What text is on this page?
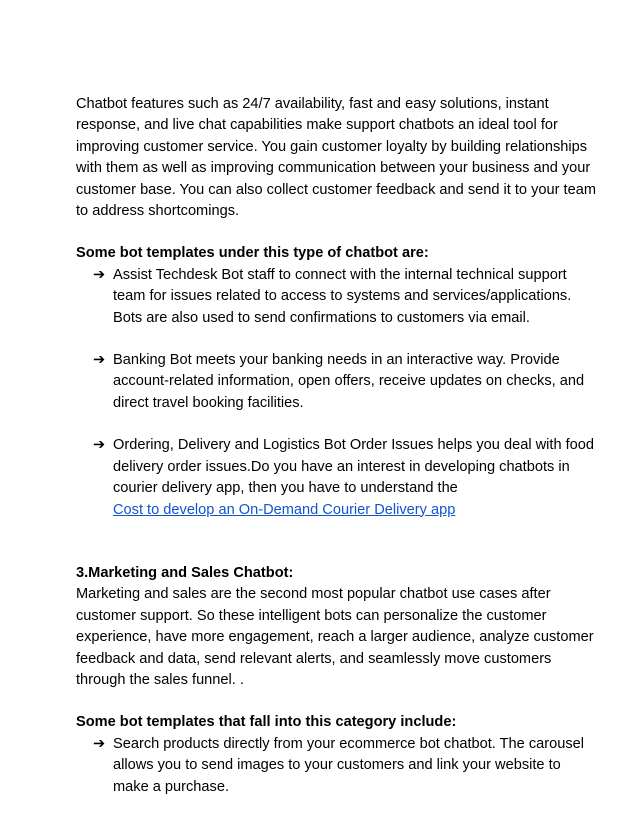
Chatbot features such as 24/7 availability, fast and easy solutions, instant response, and live chat capabilities make support chatbots an ideal tool for improving customer service. You gain customer loyalty by building relationships with them as well as improving communication between your business and your customer base. You can also collect customer feedback and send it to your team to address shortcomings.

Some bot templates under this type of chatbot are:

➔ Assist Techdesk Bot staff to connect with the internal technical support team for issues related to access to systems and services/applications. Bots are also used to send confirmations to customers via email.
➔ Banking Bot meets your banking needs in an interactive way. Provide account-related information, open offers, receive updates on checks, and direct travel booking facilities.
➔ Ordering, Delivery and Logistics Bot Order Issues helps you deal with food delivery order issues.Do you have an interest in developing chatbots in courier delivery app, then you have to understand the
Cost to develop an On-Demand Courier Delivery app

3.Marketing and Sales Chatbot:

Marketing and sales are the second most popular chatbot use cases after customer support. So these intelligent bots can personalize the customer experience, have more engagement, reach a larger audience, analyze customer feedback and data, send relevant alerts, and seamlessly move customers through the sales funnel. .

Some bot templates that fall into this category include:

➔ Search products directly from your ecommerce bot chatbot. The carousel allows you to send images to your customers and link your website to make a purchase.
